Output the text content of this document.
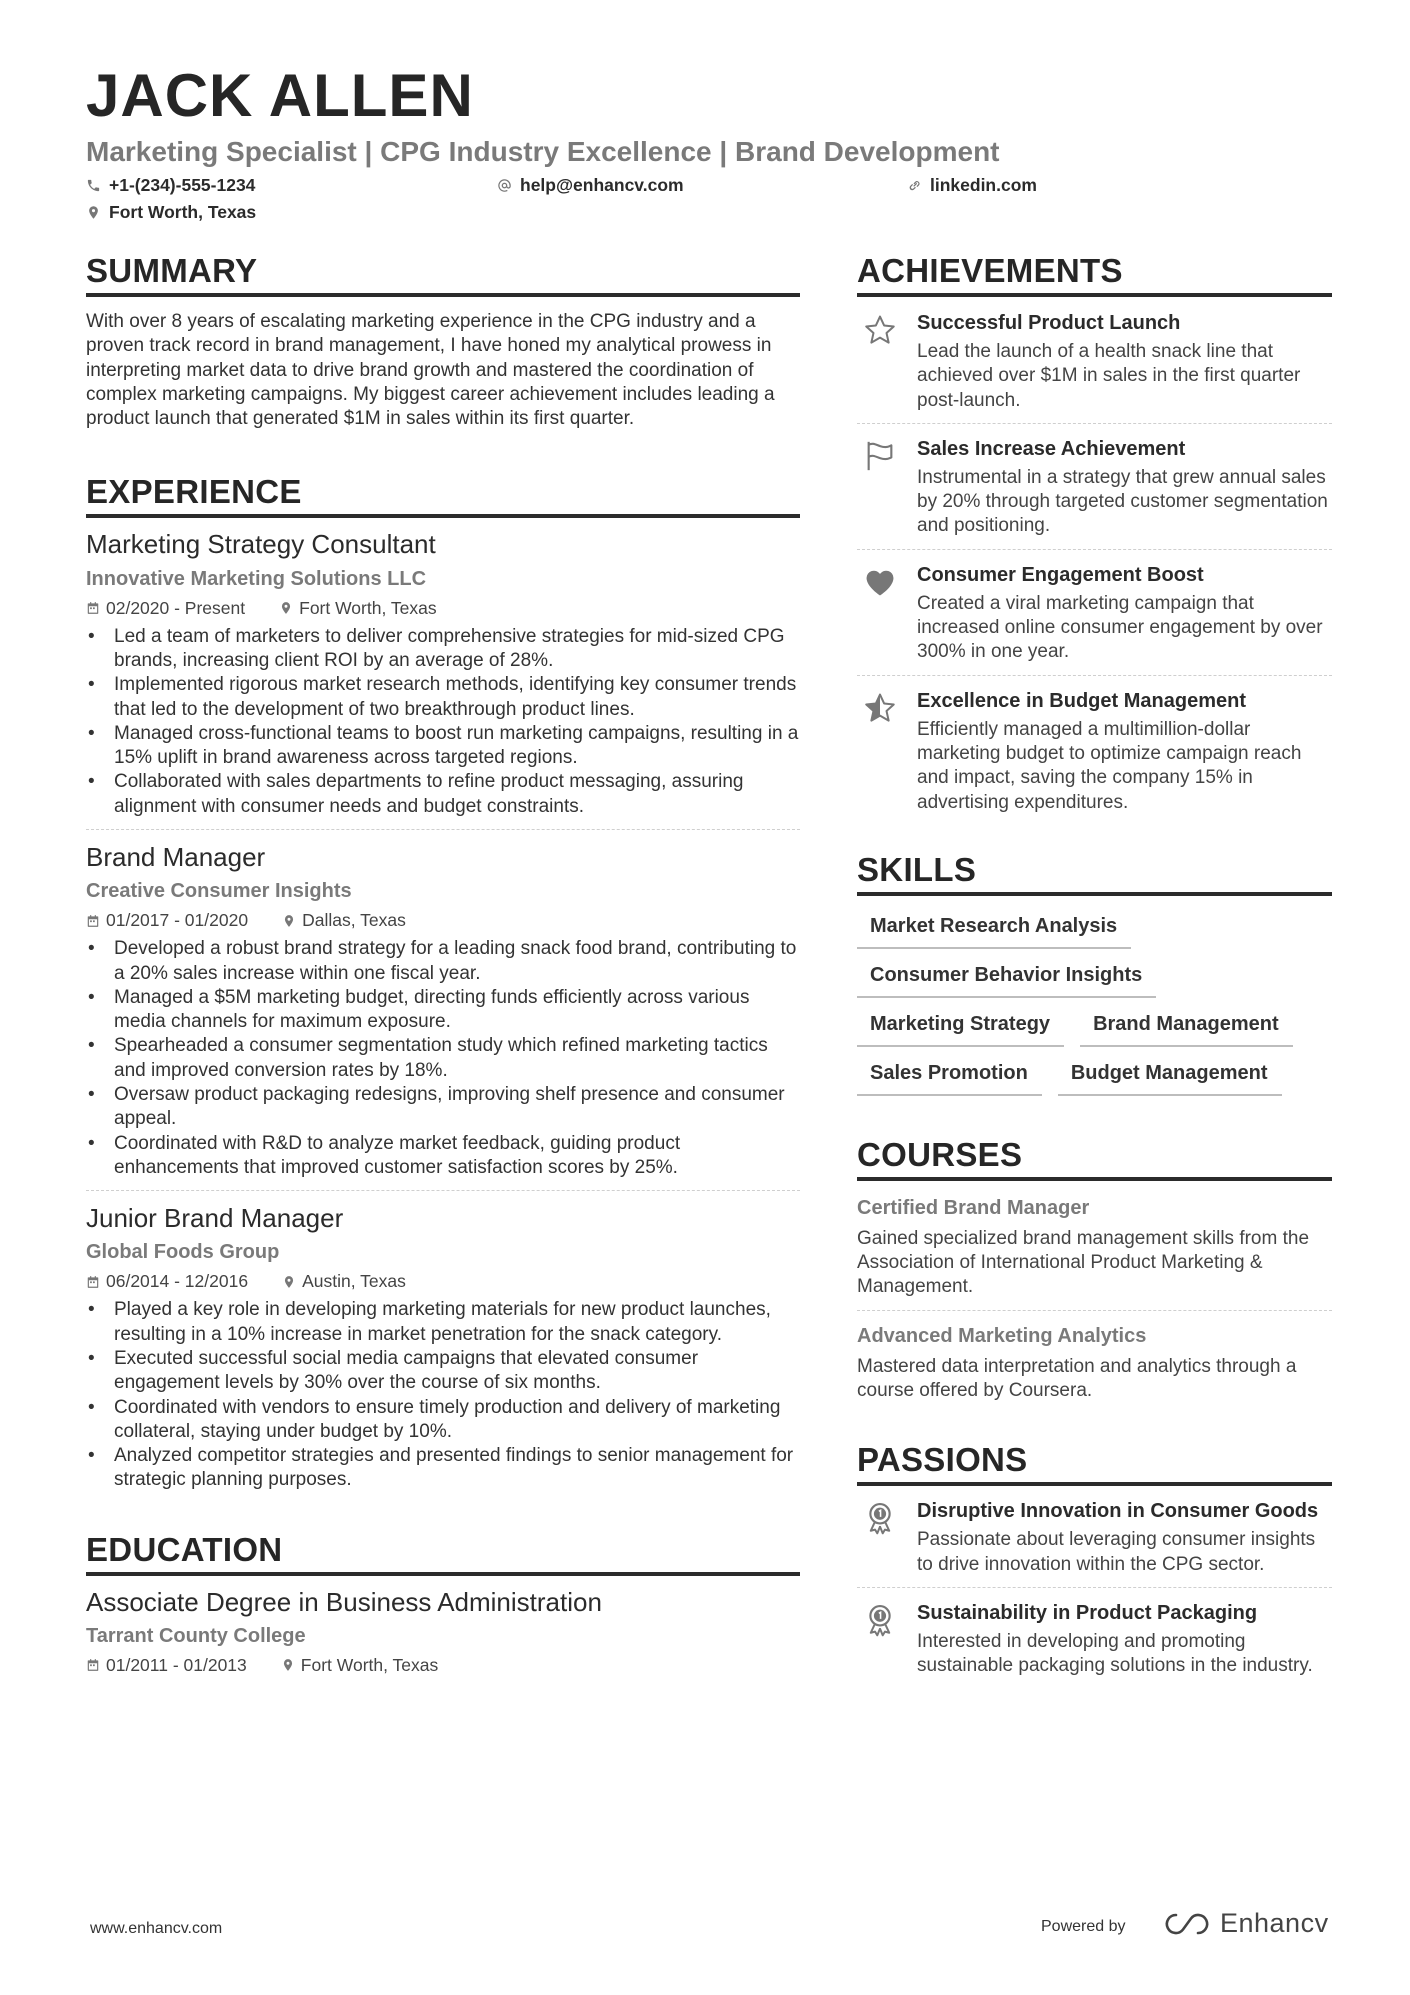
JACK ALLEN
Marketing Specialist | CPG Industry Excellence | Brand Development
+1-(234)-555-1234	help@enhancv.com	linkedin.com
Fort Worth, Texas
SUMMARY

With over 8 years of escalating marketing experience in the CPG industry and a proven track record in brand management, I have honed my analytical prowess in interpreting market data to drive brand growth and mastered the coordination of complex marketing campaigns. My biggest career achievement includes leading a product launch that generated $1M in sales within its first quarter.

EXPERIENCE

Marketing Strategy Consultant

Innovative Marketing Solutions LLC

02/2020 - Present	Fort Worth, Texas
• Led a team of marketers to deliver comprehensive strategies for mid-sized CPG brands, increasing client ROI by an average of 28%.
• Implemented rigorous market research methods, identifying key consumer trends that led to the development of two breakthrough product lines.
• Managed cross-functional teams to boost run marketing campaigns, resulting in a 15% uplift in brand awareness across targeted regions.
• Collaborated with sales departments to refine product messaging, assuring alignment with consumer needs and budget constraints.

Brand Manager

Creative Consumer Insights

01/2017 - 01/2020	Dallas, Texas
• Developed a robust brand strategy for a leading snack food brand, contributing to a 20% sales increase within one fiscal year.
• Managed a $5M marketing budget, directing funds efficiently across various media channels for maximum exposure.
• Spearheaded a consumer segmentation study which refined marketing tactics and improved conversion rates by 18%.
• Oversaw product packaging redesigns, improving shelf presence and consumer appeal.
• Coordinated with R&D to analyze market feedback, guiding product enhancements that improved customer satisfaction scores by 25%.

Junior Brand Manager

Global Foods Group

06/2014 - 12/2016	Austin, Texas
• Played a key role in developing marketing materials for new product launches, resulting in a 10% increase in market penetration for the snack category.
• Executed successful social media campaigns that elevated consumer engagement levels by 30% over the course of six months.
• Coordinated with vendors to ensure timely production and delivery of marketing collateral, staying under budget by 10%.
• Analyzed competitor strategies and presented findings to senior management for strategic planning purposes.
EDUCATION

Associate Degree in Business Administration

Tarrant County College

01/2011 - 01/2013	Fort Worth, Texas
ACHIEVEMENTS

Successful Product Launch

Lead the launch of a health snack line that achieved over $1M in sales in the first quarter post-launch.

Sales Increase Achievement

Instrumental in a strategy that grew annual sales by 20% through targeted customer segmentation and positioning.

Consumer Engagement Boost

Created a viral marketing campaign that increased online consumer engagement by over 300% in one year.

Excellence in Budget Management

Efficiently managed a multimillion-dollar marketing budget to optimize campaign reach and impact, saving the company 15% in advertising expenditures.

SKILLS
Market Research Analysis
Consumer Behavior Insights
Marketing Strategy	Brand Management
Sales Promotion	Budget Management
COURSES

Certified Brand Manager

Gained specialized brand management skills from the Association of International Product Marketing & Management.

Advanced Marketing Analytics

Mastered data interpretation and analytics through a course offered by Coursera.

PASSIONS

Disruptive Innovation in Consumer Goods

Passionate about leveraging consumer insights to drive innovation within the CPG sector.

Sustainability in Product Packaging

Interested in developing and promoting sustainable packaging solutions in the industry.

www.enhancv.com	Powered by	Enhancv
